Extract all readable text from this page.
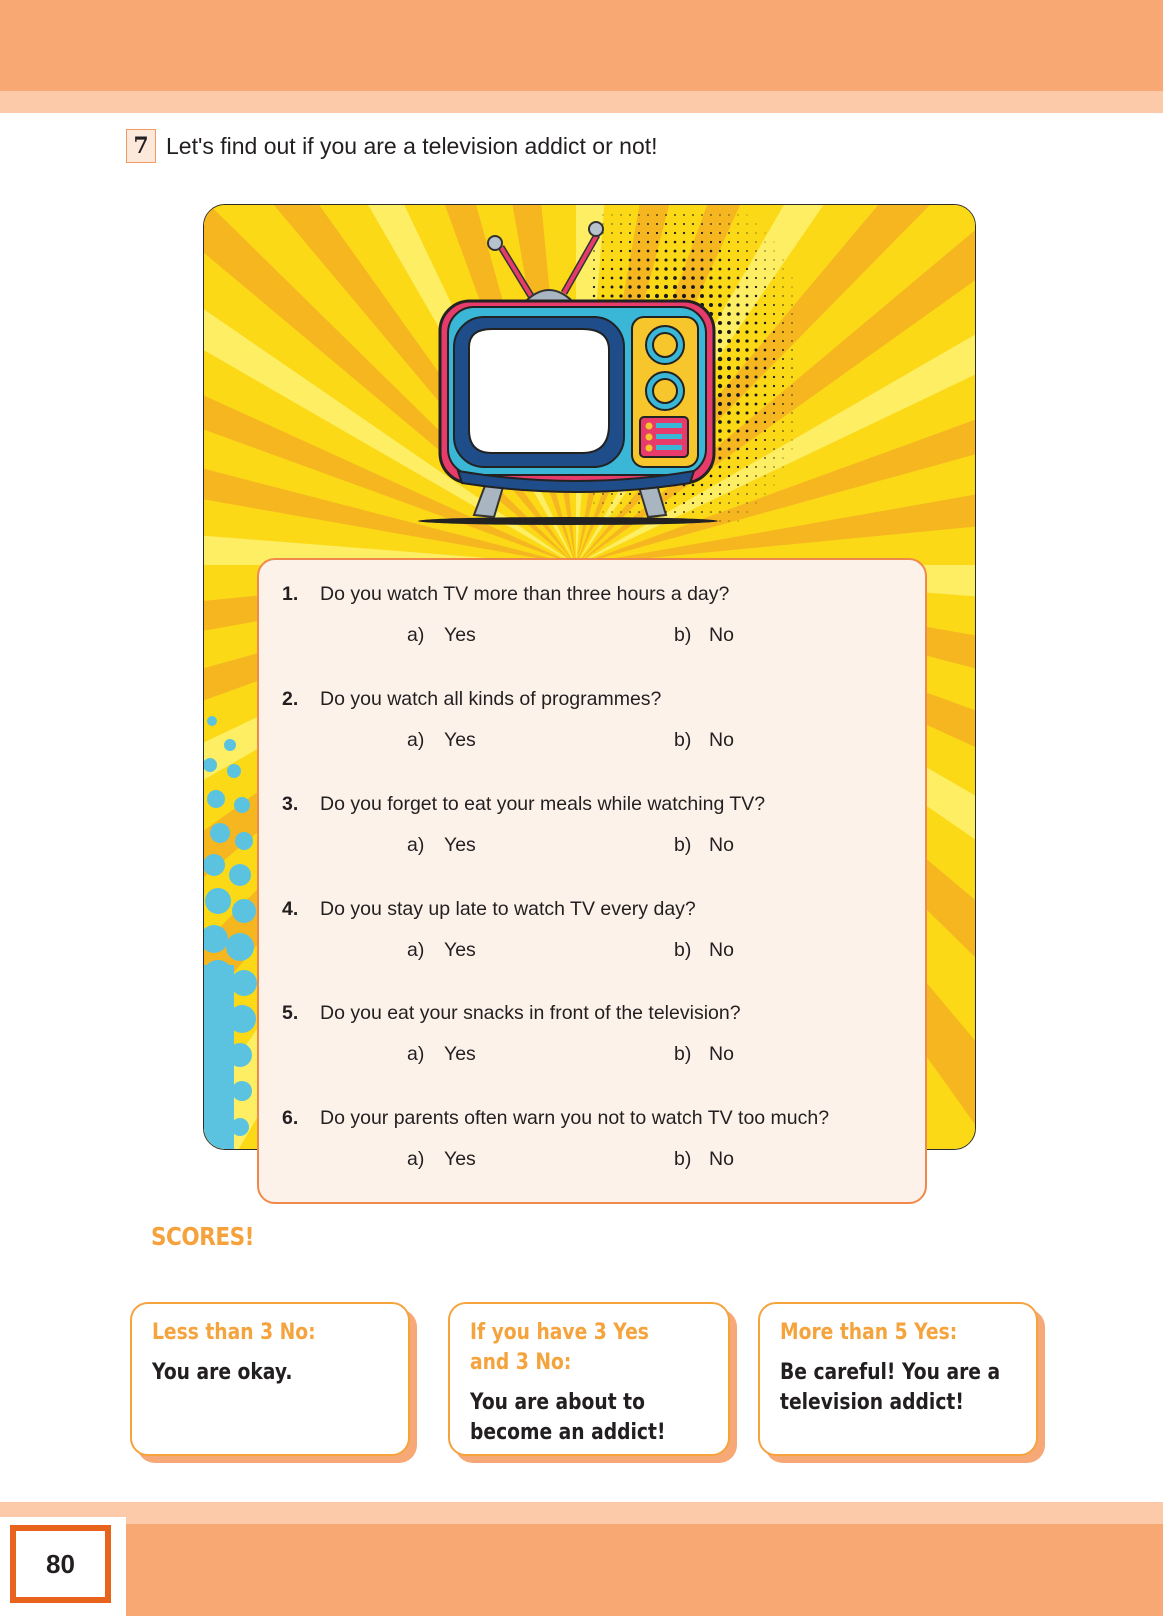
7 Let's find out if you are a television addict or not!
1. Do you watch TV more than three hours a day?
a) Yes	b) No
2. Do you watch all kinds of programmes?
a) Yes	b) No
3. Do you forget to eat your meals while watching TV?
a) Yes	b) No
4. Do you stay up late to watch TV every day?
a) Yes	b) No
5. Do you eat your snacks in front of the television?
a) Yes	b) No
6. Do your parents often warn you not to watch TV too much?
a) Yes	b) No
SCORES!
Less than 3 No:
You are okay.
If you have 3 Yes and 3 No:
You are about to become an addict!
More than 5 Yes:
Be careful! You are a television addict!
80
